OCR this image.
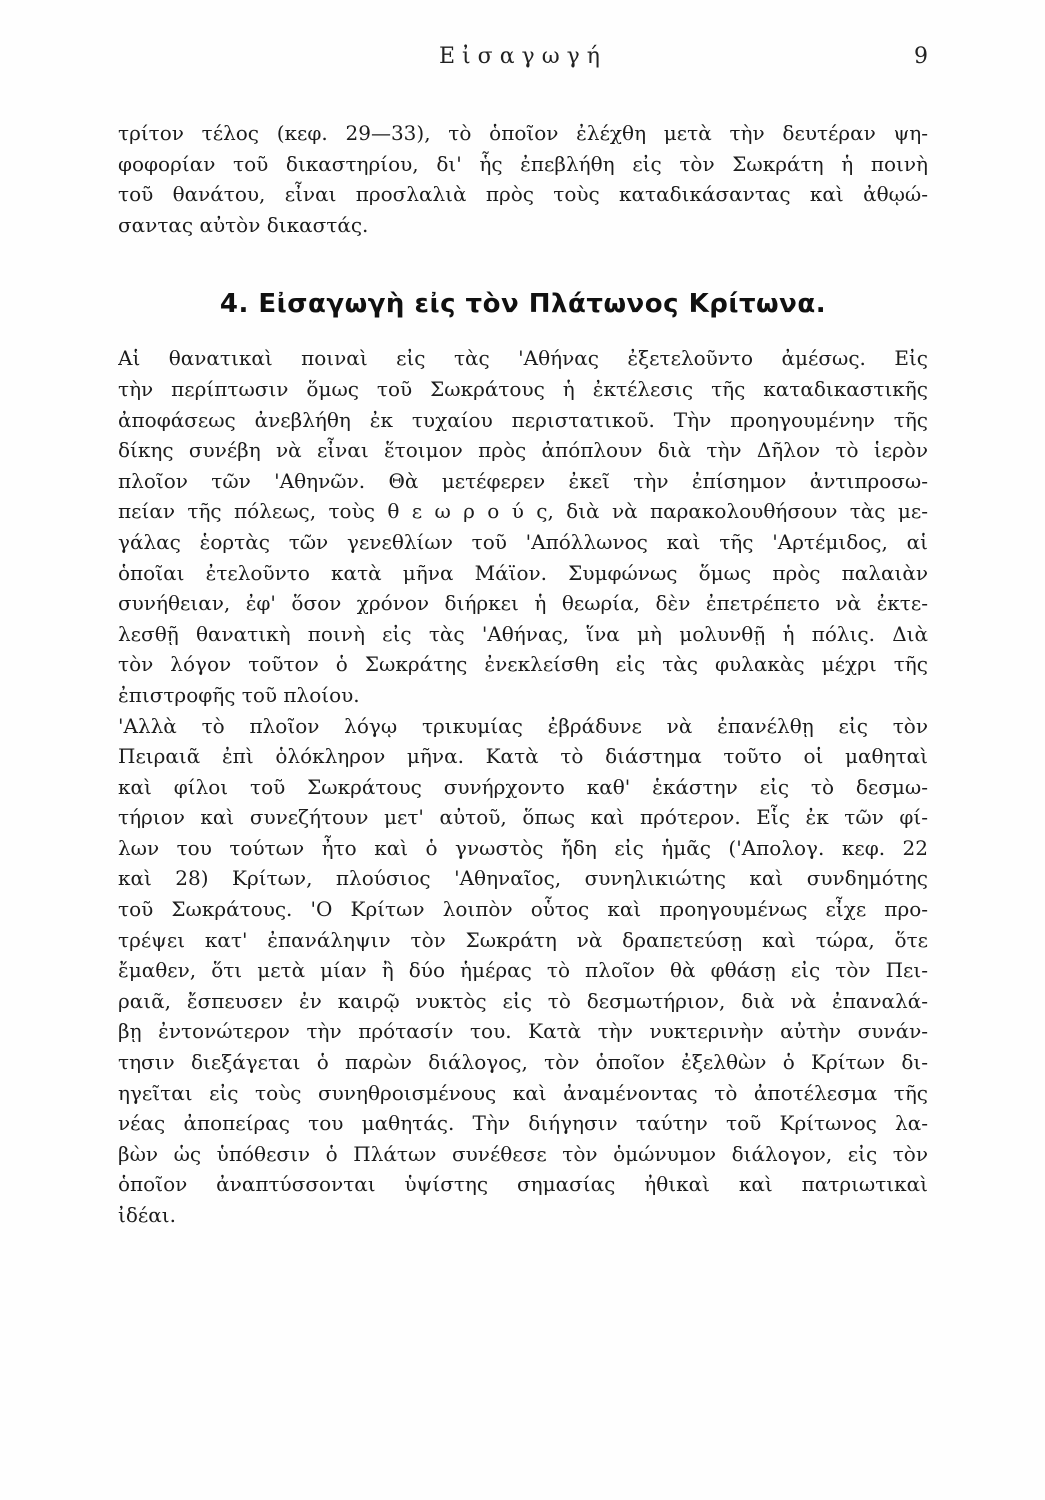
Εἰσαγωγή	9
τρίτον τέλος (κεφ. 29—33), τὸ ὁποῖον ἐλέχθη μετὰ τὴν δευτέραν ψη-
φοφορίαν τοῦ δικαστηρίου, δι' ἧς ἐπεβλήθη εἰς τὸν Σωκράτη ἡ ποινὴ
τοῦ θανάτου, εἶναι προσλαλιὰ πρὸς τοὺς καταδικάσαντας καὶ ἀθῳώ-
σαντας αὐτὸν δικαστάς.
4. Εἰσαγωγὴ εἰς τὸν Πλάτωνος Κρίτωνα.
Αἱ θανατικαὶ ποιναὶ εἰς τὰς 'Αθήνας ἐξετελοῦντο ἀμέσως. Εἰς
τὴν περίπτωσιν ὅμως τοῦ Σωκράτους ἡ ἐκτέλεσις τῆς καταδικαστικῆς
ἀποφάσεως ἀνεβλήθη ἐκ τυχαίου περιστατικοῦ. Τὴν προηγουμένην τῆς
δίκης συνέβη νὰ εἶναι ἕτοιμον πρὸς ἀπόπλουν διὰ τὴν Δῆλον τὸ ἱερὸν
πλοῖον τῶν 'Αθηνῶν. Θὰ μετέφερεν ἐκεῖ τὴν ἐπίσημον ἀντιπροσω-
πείαν τῆς πόλεως, τοὺς θ ε ω ρ ο ύ ς, διὰ νὰ παρακολουθήσουν τὰς με-
γάλας ἑορτὰς τῶν γενεθλίων τοῦ 'Απόλλωνος καὶ τῆς 'Αρτέμιδος, αἱ
ὁποῖαι ἐτελοῦντο κατὰ μῆνα Μάϊον. Συμφώνως ὅμως πρὸς παλαιὰν
συνήθειαν, ἐφ' ὅσον χρόνον διήρκει ἡ θεωρία, δὲν ἐπετρέπετο νὰ ἐκτε-
λεσθῇ θανατικὴ ποινὴ εἰς τὰς 'Αθήνας, ἵνα μὴ μολυνθῇ ἡ πόλις. Διὰ
τὸν λόγον τοῦτον ὁ Σωκράτης ἐνεκλείσθη εἰς τὰς φυλακὰς μέχρι τῆς
ἐπιστροφῆς τοῦ πλοίου.
'Αλλὰ τὸ πλοῖον λόγῳ τρικυμίας ἐβράδυνε νὰ ἐπανέλθῃ εἰς τὸν
Πειραιᾶ ἐπὶ ὁλόκληρον μῆνα. Κατὰ τὸ διάστημα τοῦτο οἱ μαθηταὶ
καὶ φίλοι τοῦ Σωκράτους συνήρχοντο καθ' ἑκάστην εἰς τὸ δεσμω-
τήριον καὶ συνεζήτουν μετ' αὐτοῦ, ὅπως καὶ πρότερον. Εἷς ἐκ τῶν φί-
λων του τούτων ἦτο καὶ ὁ γνωστὸς ἤδη εἰς ἡμᾶς ('Απολογ. κεφ. 22
καὶ 28) Κρίτων, πλούσιος 'Αθηναῖος, συνηλικιώτης καὶ συνδημότης
τοῦ Σωκράτους. 'Ο Κρίτων λοιπὸν οὗτος καὶ προηγουμένως εἶχε προ-
τρέψει κατ' ἐπανάληψιν τὸν Σωκράτη νὰ δραπετεύσῃ καὶ τώρα, ὅτε
ἔμαθεν, ὅτι μετὰ μίαν ἢ δύο ἡμέρας τὸ πλοῖον θὰ φθάσῃ εἰς τὸν Πει-
ραιᾶ, ἔσπευσεν ἐν καιρῷ νυκτὸς εἰς τὸ δεσμωτήριον, διὰ νὰ ἐπαναλά-
βῃ ἐντονώτερον τὴν πρότασίν του. Κατὰ τὴν νυκτερινὴν αὐτὴν συνάν-
τησιν διεξάγεται ὁ παρὼν διάλογος, τὸν ὁποῖον ἐξελθὼν ὁ Κρίτων δι-
ηγεῖται εἰς τοὺς συνηθροισμένους καὶ ἀναμένοντας τὸ ἀποτέλεσμα τῆς
νέας ἀποπείρας του μαθητάς. Τὴν διήγησιν ταύτην τοῦ Κρίτωνος λα-
βὼν ὡς ὑπόθεσιν ὁ Πλάτων συνέθεσε τὸν ὁμώνυμον διάλογον, εἰς τὸν
ὁποῖον ἀναπτύσσονται ὑψίστης σημασίας ἠθικαὶ καὶ πατριωτικαὶ
ἰδέαι.
